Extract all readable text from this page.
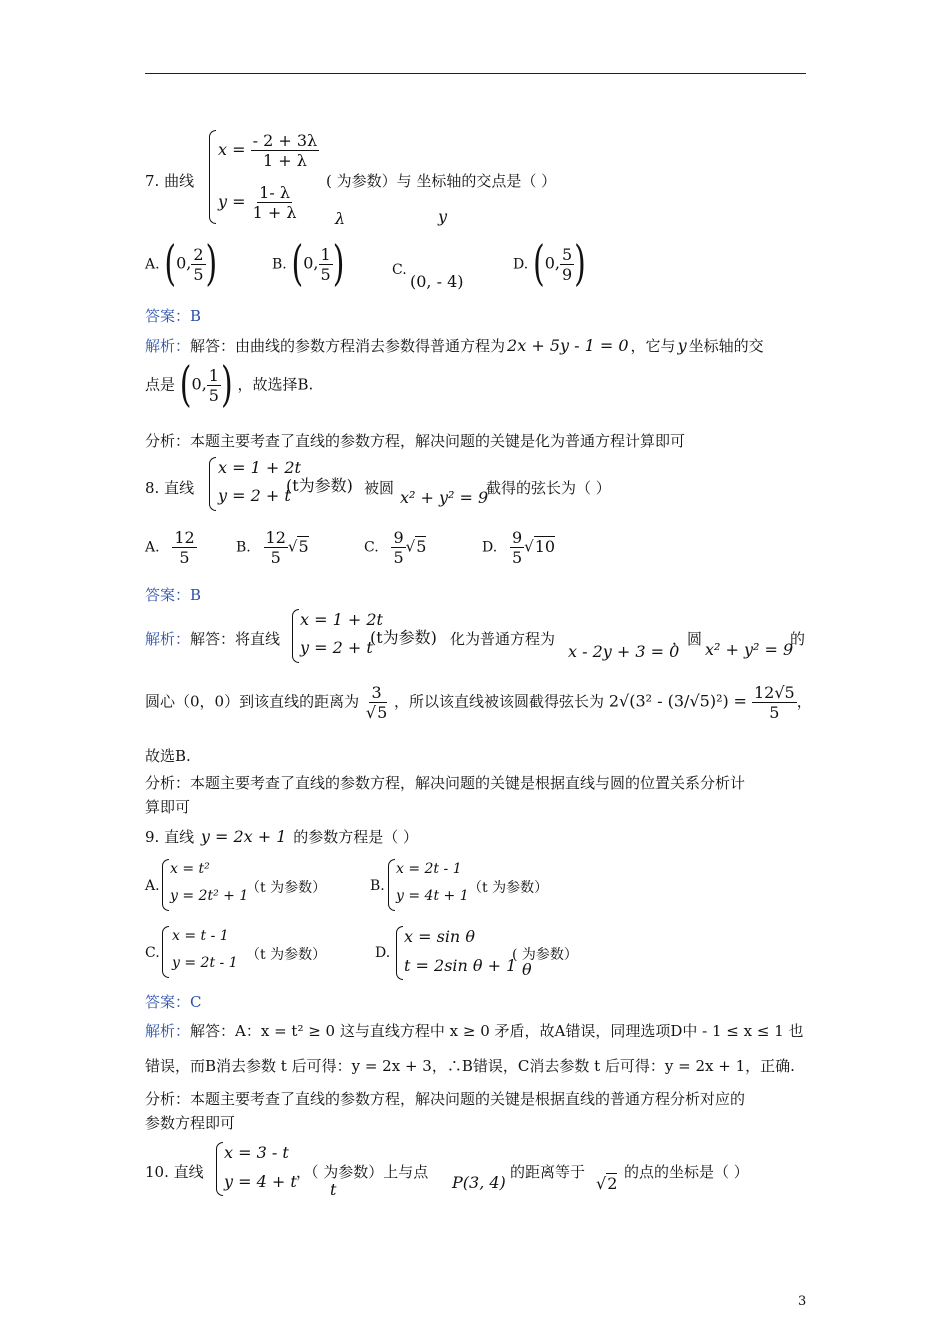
7. 曲线
$x = \frac{- 2 + 3\lambda}{1 + \lambda}$
$y = \frac{1- \lambda}{1 + \lambda}$
( 为参数）与 坐标轴的交点是（ ）
λ	y
A. (0, $\frac{2}{5}$ )	B. (0, $\frac{1}{5}$ )	C.
(0, - 4)
D. (0, $\frac{5}{9}$ )
答案：B
解析：解答：由曲线的参数方程消去参数得普通方程为 2x + 5y - 1 = 0 ，它与 y 坐标轴的交
点是 (0, $\frac{1}{5}$ ) ，故选择B.
分析：本题主要考查了直线的参数方程，解决问题的关键是化为普通方程计算即可
8. 直线
x = 1 + 2t
y = 2 + t
(t为参数) 被圆 x² + y² = 9
截得的弦长为（ ）
A. $\frac{12}{5}$	B. $\frac{12}{5} √5$	C. $\frac{9}{5} √5$	D. $\frac{9}{5} √10$
答案：B
解析：解答：将直线
x = 1 + 2t
y = 2 + t
(t为参数) 化为普通方程为
x - 2y + 3 = 0
，圆
x² + y² = 9
的
圆心（0，0）到该直线的距离为 $\frac{3}{√5}$ ，所以该直线被该圆截得弦长为 $2√(3^2 - (3/√5)^2) = \frac{12√5}{5}$ ，
故选B.
分析：本题主要考查了直线的参数方程，解决问题的关键是根据直线与圆的位置关系分析计
算即可
9. 直线 y = 2x + 1 的参数方程是（ ）
A.
x = t²
y = 2t² + 1
（t 为参数）	B.
x = 2t - 1
y = 4t + 1 （t 为参数）
C.
x = t - 1
y = 2t - 1 （t 为参数）	D.
x = sin θ
t = 2sin θ + 1
( 为参数）
θ
答案：C
解析：解答：A：x = t² ≥ 0 这与直线方程中 x ≥ 0 矛盾，故A错误，同理选项D中 - 1 ≤ x ≤ 1 也
错误，而B消去参数 t 后可得：y = 2x + 3，∴B错误，C消去参数 t 后可得：y = 2x + 1，正确.
分析：本题主要考查了直线的参数方程，解决问题的关键是根据直线的普通方程分析对应的
参数方程即可
10. 直线
x = 3 - t
y = 4 + t ，（ 为参数）上与点
t	P(3, 4)
的距离等于
√2
的点的坐标是（ ）
3
